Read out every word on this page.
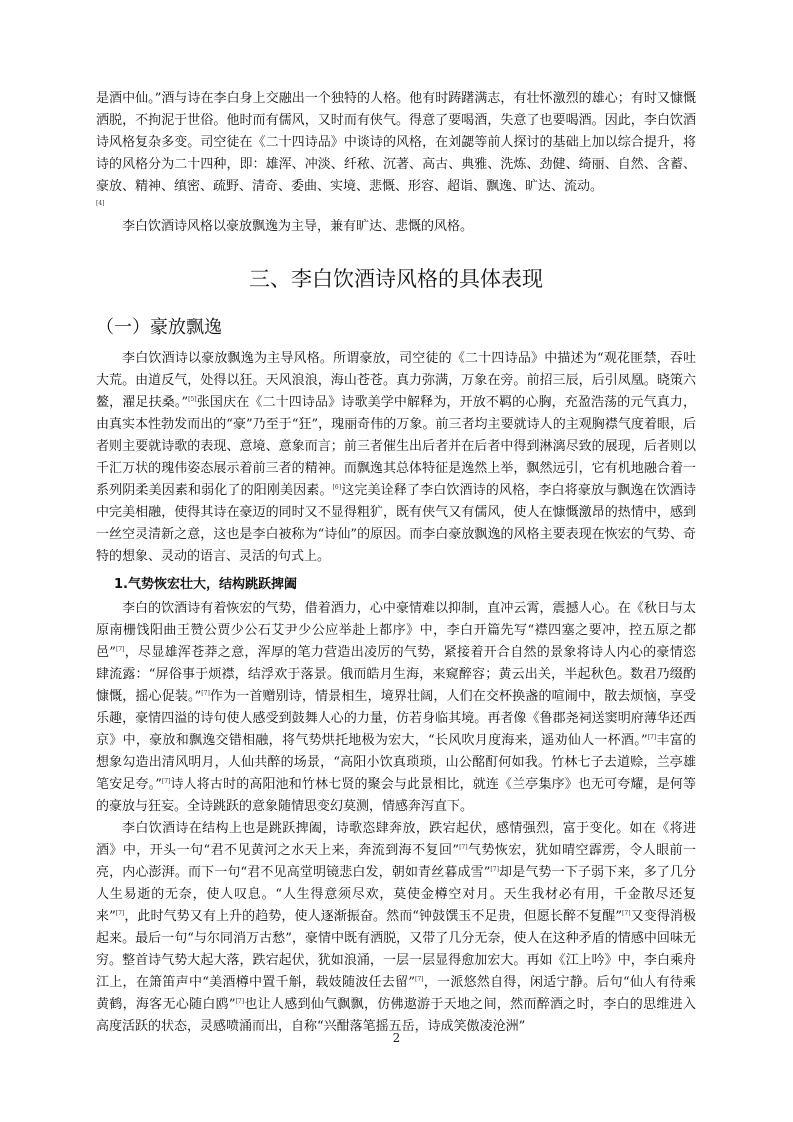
是酒中仙。”酒与诗在李白身上交融出一个独特的人格。他有时踌躇满志，有壮怀激烈的雄心；有时又慷慨洒脱，不拘泥于世俗。他时而有儒风，又时而有侠气。得意了要喝酒，失意了也要喝酒。因此，李白饮酒诗风格复杂多变。司空徒在《二十四诗品》中谈诗的风格，在刘勰等前人探讨的基础上加以综合提升，将诗的风格分为二十四种，即：雄浑、冲淡、纤秾、沉著、高古、典雅、洗炼、劲健、绮丽、自然、含蓄、豪放、精神、缜密、疏野、清奇、委曲、实境、悲慨、形容、超诣、飘逸、旷达、流动。

[4]

李白饮酒诗风格以豪放飘逸为主导，兼有旷达、悲慨的风格。

三、李白饮酒诗风格的具体表现
（一）豪放飘逸

李白饮酒诗以豪放飘逸为主导风格。所谓豪放，司空徒的《二十四诗品》中描述为“观花匪禁，吞吐大荒。由道反气，处得以狂。天风浪浪，海山苍苍。真力弥满，万象在旁。前招三辰，后引凤凰。晓策六鳌，濯足扶桑。”[5]张国庆在《二十四诗品》诗歌美学中解释为，开放不羁的心胸，充盈浩荡的元气真力，由真实本性勃发而出的“豪”乃至于“狂”，瑰丽奇伟的万象。前三者均主要就诗人的主观胸襟气度着眼，后者则主要就诗歌的表现、意境、意象而言；前三者催生出后者并在后者中得到淋漓尽致的展现，后者则以千汇万状的瑰伟姿态展示着前三者的精神。而飘逸其总体特征是逸然上举，飘然远引，它有机地融合着一系列阴柔美因素和弱化了的阳刚美因素。[6]这完美诠释了李白饮酒诗的风格，李白将豪放与飘逸在饮酒诗中完美相融，使得其诗在豪迈的同时又不显得粗犷，既有侠气又有儒风，使人在慷慨激昂的热情中，感到一丝空灵清新之意，这也是李白被称为“诗仙”的原因。而李白豪放飘逸的风格主要表现在恢宏的气势、奇特的想象、灵动的语言、灵活的句式上。

1.气势恢宏壮大，结构跳跃捭阖

李白的饮酒诗有着恢宏的气势，借着酒力，心中豪情难以抑制，直冲云霄，震撼人心。在《秋日与太原南栅饯阳曲王赞公贾少公石艾尹少公应举赴上都序》中，李白开篇先写“襟四塞之要冲，控五原之都邑”[7]，尽显雄浑苍莽之意，浑厚的笔力营造出凌厉的气势，紧接着开合自然的景象将诗人内心的豪情恣肆流露：“屏俗事于烦襟，结浮欢于落景。俄而皓月生海，来窥醉容；黄云出关，半起秋色。数君乃缀酌慷慨，摇心促装。”[7]作为一首赠别诗，情景相生，境界壮阔，人们在交杯换盏的喧闹中，散去烦恼，享受乐趣，豪情四溢的诗句使人感受到鼓舞人心的力量，仿若身临其境。再者像《鲁郡尧祠送窦明府薄华还西京》中，豪放和飘逸交错相融，将气势烘托地极为宏大，“长风吹月度海来，遥劝仙人一杯酒。”[7]丰富的想象勾造出清风明月，人仙共醉的场景，“高阳小饮真琐琐，山公酩酊何如我。竹林七子去道赊，兰亭雄笔安足夸。”[7]诗人将古时的高阳池和竹林七贤的聚会与此景相比，就连《兰亭集序》也无可夸耀，是何等的豪放与狂妄。全诗跳跃的意象随情思变幻莫测，情感奔泻直下。

李白饮酒诗在结构上也是跳跃捭阖，诗歌恣肆奔放，跌宕起伏，感情强烈，富于变化。如在《将进酒》中，开头一句“君不见黄河之水天上来，奔流到海不复回”[7]气势恢宏，犹如晴空霹雳，令人眼前一亮，内心澎湃。而下一句“君不见高堂明镜悲白发，朝如青丝暮成雪”[7]却是气势一下子弱下来，多了几分人生易逝的无奈，使人叹息。“人生得意须尽欢，莫使金樽空对月。天生我材必有用，千金散尽还复来”[7]，此时气势又有上升的趋势，使人逐渐振奋。然而“钟鼓馔玉不足贵，但愿长醉不复醒”[7]又变得消极起来。最后一句“与尔同消万古愁”，豪情中既有洒脱，又带了几分无奈，使人在这种矛盾的情感中回味无穷。整首诗气势大起大落，跌宕起伏，犹如浪涌，一层一层显得愈加宏大。再如《江上吟》中，李白乘舟江上，在箫笛声中“美酒樽中置千斛，载妓随波任去留”[7]，一派悠然自得，闲适宁静。后句“仙人有待乘黄鹤，海客无心随白鸥”[7]也让人感到仙气飘飘，仿佛遨游于天地之间，然而醉酒之时，李白的思维进入高度活跃的状态，灵感喷涌而出，自称“兴酣落笔摇五岳，诗成笑傲凌沧洲”

2
